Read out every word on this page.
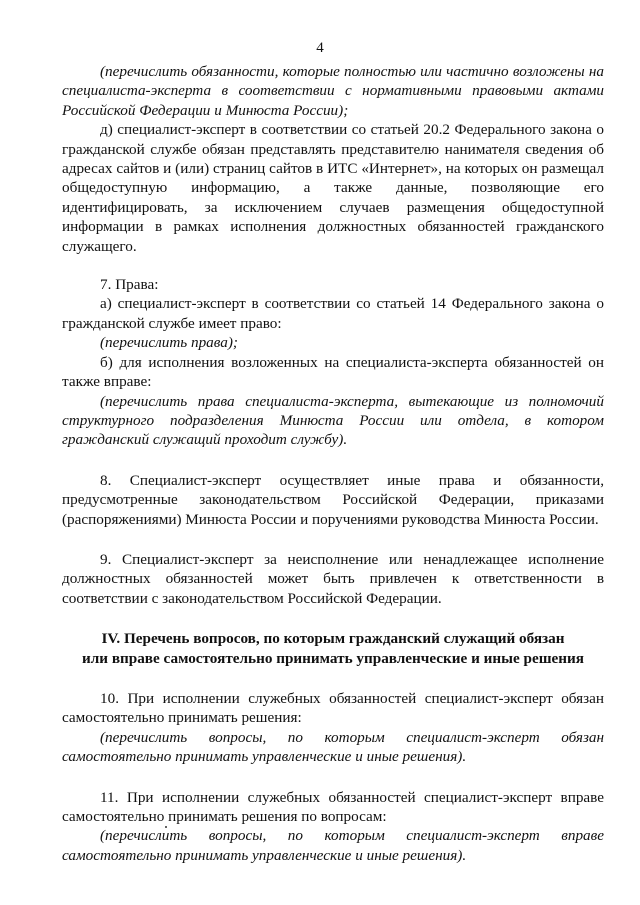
4

(перечислить обязанности, которые полностью или частично возложены на специалиста-эксперта в соответствии с нормативными правовыми актами Российской Федерации и Минюста России);

д) специалист-эксперт в соответствии со статьей 20.2 Федерального закона о гражданской службе обязан представлять представителю нанимателя сведения об адресах сайтов и (или) страниц сайтов в ИТС «Интернет», на которых он размещал общедоступную информацию, а также данные, позволяющие его идентифицировать, за исключением случаев размещения общедоступной информации в рамках исполнения должностных обязанностей гражданского служащего.

7. Права:

а) специалист-эксперт в соответствии со статьей 14 Федерального закона о гражданской службе имеет право:

(перечислить права);

б) для исполнения возложенных на специалиста-эксперта обязанностей он также вправе:

(перечислить права специалиста-эксперта, вытекающие из полномочий структурного подразделения Минюста России или отдела, в котором гражданский служащий проходит службу).

8. Специалист-эксперт осуществляет иные права и обязанности, предусмотренные законодательством Российской Федерации, приказами (распоряжениями) Минюста России и поручениями руководства Минюста России.

9. Специалист-эксперт за неисполнение или ненадлежащее исполнение должностных обязанностей может быть привлечен к ответственности в соответствии с законодательством Российской Федерации.

IV. Перечень вопросов, по которым гражданский служащий обязан
или вправе самостоятельно принимать управленческие и иные решения

10. При исполнении служебных обязанностей специалист-эксперт обязан самостоятельно принимать решения:

(перечислить вопросы, по которым специалист-эксперт обязан самостоятельно принимать управленческие и иные решения).

11. При исполнении служебных обязанностей специалист-эксперт вправе самостоятельно принимать решения по вопросам:

(перечислить вопросы, по которым специалист-эксперт вправе самостоятельно принимать управленческие и иные решения).
